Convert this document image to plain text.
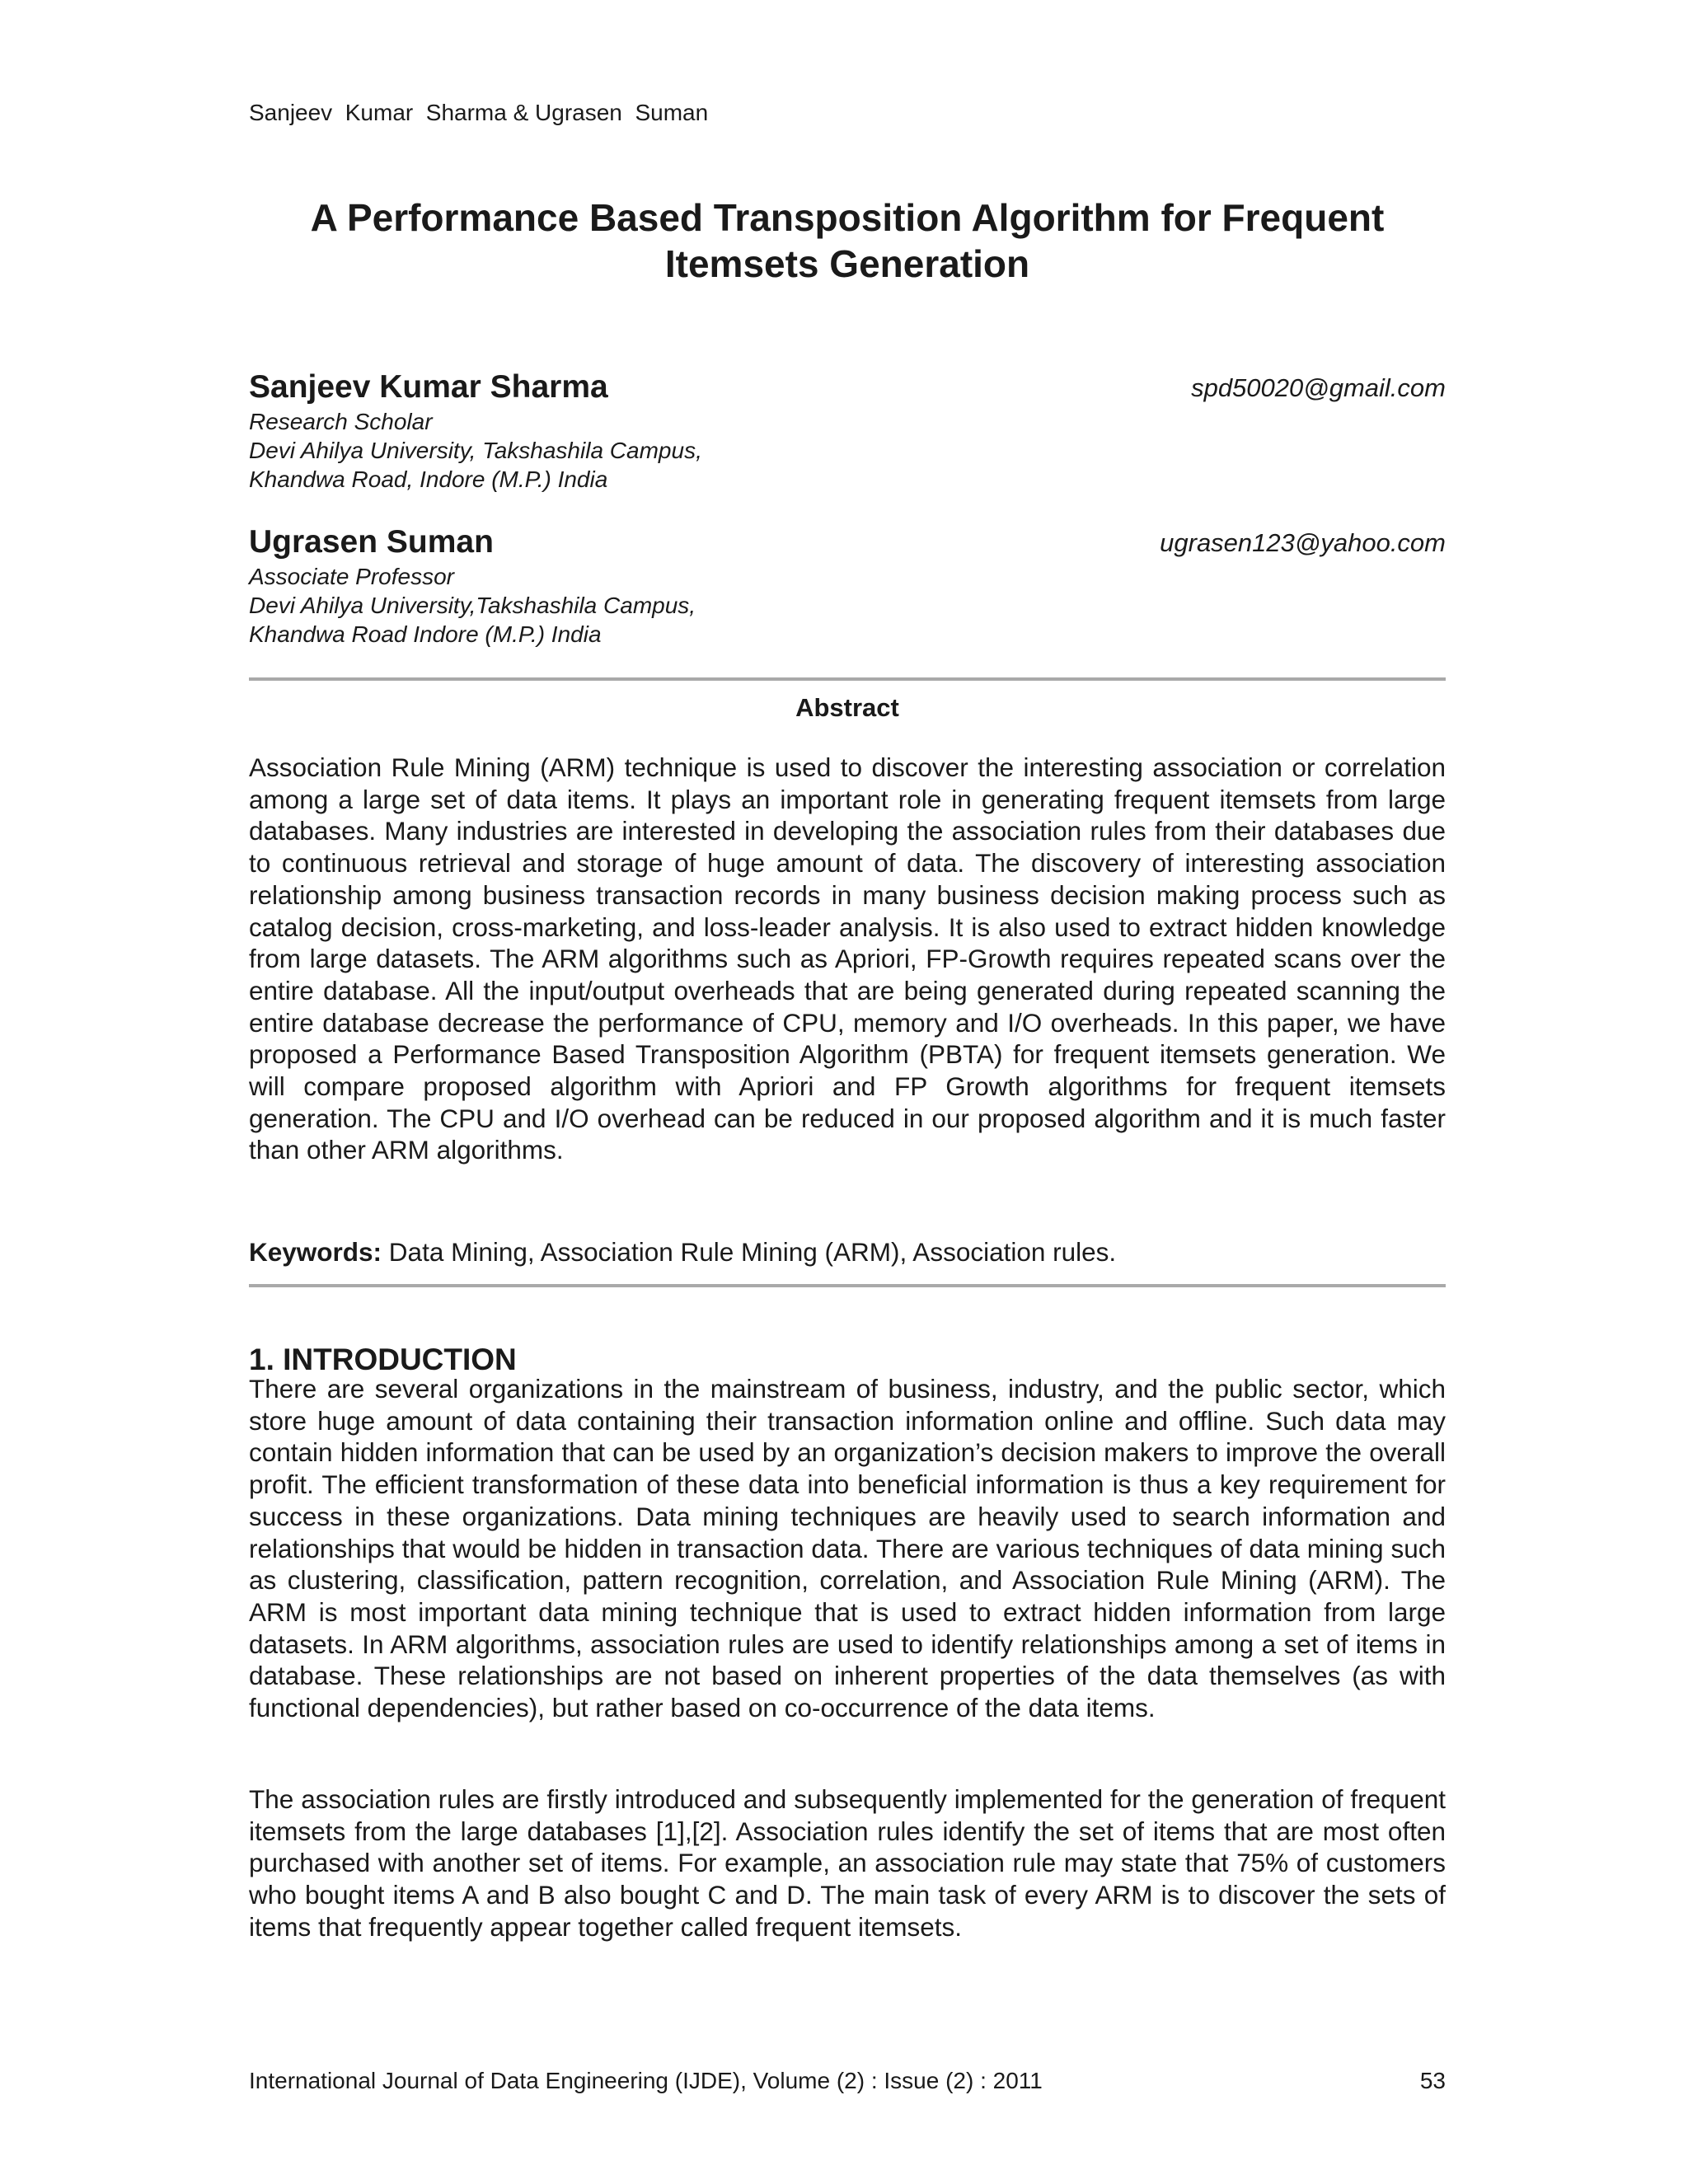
Sanjeev  Kumar  Sharma & Ugrasen  Suman
A Performance Based Transposition Algorithm for Frequent
Itemsets Generation
Sanjeev Kumar Sharma	spd50020@gmail.com
Research Scholar
Devi Ahilya University, Takshashila Campus,
Khandwa Road, Indore (M.P.) India
Ugrasen Suman	ugrasen123@yahoo.com
Associate Professor
Devi Ahilya University,Takshashila Campus,
Khandwa Road Indore (M.P.) India
Abstract

Association Rule Mining (ARM) technique is used to discover the interesting association or correlation among a large set of data items. It plays an important role in generating frequent itemsets from large databases. Many industries are interested in developing the association rules from their databases due to continuous retrieval and storage of huge amount of data. The discovery of interesting association relationship among business transaction records in many business decision making process such as catalog decision, cross-marketing, and loss-leader analysis. It is also used to extract hidden knowledge from large datasets. The ARM algorithms such as Apriori, FP-Growth requires repeated scans over the entire database. All the input/output overheads that are being generated during repeated scanning the entire database decrease the performance of CPU, memory and I/O overheads. In this paper, we have proposed a Performance Based Transposition Algorithm (PBTA) for frequent itemsets generation. We will compare proposed algorithm with Apriori and FP Growth algorithms for frequent itemsets generation. The CPU and I/O overhead can be reduced in our proposed algorithm and it is much faster than other ARM algorithms.

Keywords: Data Mining, Association Rule Mining (ARM), Association rules.
1. INTRODUCTION

There are several organizations in the mainstream of business, industry, and the public sector, which store huge amount of data containing their transaction information online and offline. Such data may contain hidden information that can be used by an organization’s decision makers to improve the overall profit. The efficient transformation of these data into beneficial information is thus a key requirement for success in these organizations. Data mining techniques are heavily used to search information and relationships that would be hidden in transaction data. There are various techniques of data mining such as clustering, classification, pattern recognition, correlation, and Association Rule Mining (ARM). The ARM is most important data mining technique that is used to extract hidden information from large datasets. In ARM algorithms, association rules are used to identify relationships among a set of items in database. These relationships are not based on inherent properties of the data themselves (as with functional dependencies), but rather based on co-occurrence of the data items.

The association rules are firstly introduced and subsequently implemented for the generation of frequent itemsets from the large databases [1],[2]. Association rules identify the set of items that are most often purchased with another set of items. For example, an association rule may state that 75% of customers who bought items A and B also bought C and D. The main task of every ARM is to discover the sets of items that frequently appear together called frequent itemsets.

International Journal of Data Engineering (IJDE), Volume (2) : Issue (2) : 2011	53
